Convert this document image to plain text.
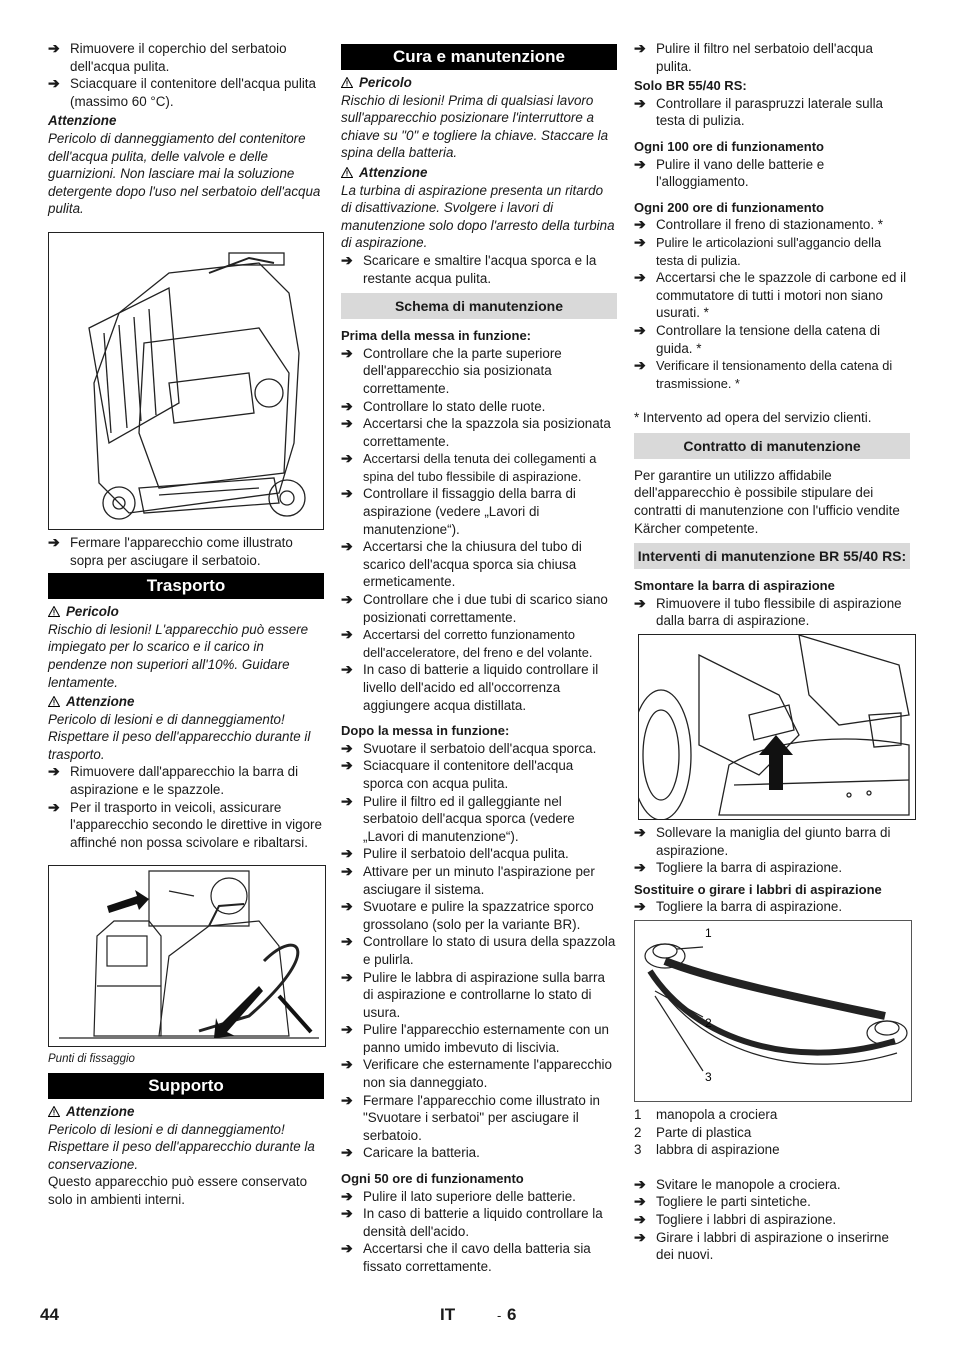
➔ Rimuovere il coperchio del serbatoio dell'acqua pulita.
➔ Sciacquare il contenitore dell'acqua pulita (massimo 60 °C).
Attenzione
Pericolo di danneggiamento del contenitore dell'acqua pulita, delle valvole e delle guarnizioni. Non lasciare mai la soluzione detergente dopo l'uso nel serbatoio dell'acqua pulita.
➔ Fermare l'apparecchio come illustrato sopra per asciugare il serbatoio.
Trasporto
Pericolo
Rischio di lesioni! L'apparecchio può essere impiegato per lo scarico e il carico in pendenze non superiori all'10%. Guidare lentamente.
Attenzione
Pericolo di lesioni e di danneggiamento! Rispettare il peso dell'apparecchio durante il trasporto.
➔ Rimuovere dall'apparecchio la barra di aspirazione e le spazzole.
➔ Per il trasporto in veicoli, assicurare l'apparecchio secondo le direttive in vigore affinché non possa scivolare e ribaltarsi.
Punti di fissaggio
Supporto
Attenzione
Pericolo di lesioni e di danneggiamento! Rispettare il peso dell'apparecchio durante la conservazione.
Questo apparecchio può essere conservato solo in ambienti interni.
Cura e manutenzione
Pericolo
Rischio di lesioni! Prima di qualsiasi lavoro sull'apparecchio posizionare l'interruttore a chiave su "0" e togliere la chiave. Staccare la spina della batteria.
Attenzione
La turbina di aspirazione presenta un ritardo di disattivazione. Svolgere i lavori di manutenzione solo dopo l'arresto della turbina di aspirazione.
➔ Scaricare e smaltire l'acqua sporca e la restante acqua pulita.
Schema di manutenzione
Prima della messa in funzione:
➔ Controllare che la parte superiore dell'apparecchio sia posizionata correttamente.
➔ Controllare lo stato delle ruote.
➔ Accertarsi che la spazzola sia posizionata correttamente.
➔ Accertarsi della tenuta dei collegamenti a spina del tubo flessibile di aspirazione.
➔ Controllare il fissaggio della barra di aspirazione (vedere „Lavori di manutenzione“).
➔ Accertarsi che la chiusura del tubo di scarico dell'acqua sporca sia chiusa ermeticamente.
➔ Controllare che i due tubi di scarico siano posizionati correttamente.
➔ Accertarsi del corretto funzionamento dell'acceleratore, del freno e del volante.
➔ In caso di batterie a liquido controllare il livello dell'acido ed all'occorrenza aggiungere acqua distillata.
Dopo la messa in funzione:
➔ Svuotare il serbatoio dell'acqua sporca.
➔ Sciacquare il contenitore dell'acqua sporca con acqua pulita.
➔ Pulire il filtro ed il galleggiante nel serbatoio dell'acqua sporca (vedere „Lavori di manutenzione“).
➔ Pulire il serbatoio dell'acqua pulita.
➔ Attivare per un minuto l'aspirazione per asciugare il sistema.
➔ Svuotare e pulire la spazzatrice sporco grossolano (solo per la variante BR).
➔ Controllare lo stato di usura della spazzola e pulirla.
➔ Pulire le labbra di aspirazione sulla barra di aspirazione e controllarne lo stato di usura.
➔ Pulire l'apparecchio esternamente con un panno umido imbevuto di liscivia.
➔ Verificare che esternamente l'apparecchio non sia danneggiato.
➔ Fermare l'apparecchio come illustrato in "Svuotare i serbatoi" per asciugare il serbatoio.
➔ Caricare la batteria.
Ogni 50 ore di funzionamento
➔ Pulire il lato superiore delle batterie.
➔ In caso di batterie a liquido controllare la densità dell'acido.
➔ Accertarsi che il cavo della batteria sia fissato correttamente.
➔ Pulire il filtro nel serbatoio dell'acqua pulita.
Solo BR 55/40 RS:
➔ Controllare il paraspruzzi laterale sulla testa di pulizia.
Ogni 100 ore di funzionamento
➔ Pulire il vano delle batterie e l'alloggiamento.
Ogni 200 ore di funzionamento
➔ Controllare il freno di stazionamento. *
➔ Pulire le articolazioni sull'aggancio della testa di pulizia.
➔ Accertarsi che le spazzole di carbone ed il commutatore di tutti i motori non siano usurati. *
➔ Controllare la tensione della catena di guida. *
➔ Verificare il tensionamento della catena di trasmissione. *
* Intervento ad opera del servizio clienti.
Contratto di manutenzione
Per garantire un utilizzo affidabile dell'apparecchio è possibile stipulare dei contratti di manutenzione con l'ufficio vendite Kärcher competente.
Interventi di manutenzione BR 55/40 RS:
Smontare la barra di aspirazione
➔ Rimuovere il tubo flessibile di aspirazione dalla barra di aspirazione.
➔ Sollevare la maniglia del giunto barra di aspirazione.
➔ Togliere la barra di aspirazione.
Sostituire o girare i labbri di aspirazione
➔ Togliere la barra di aspirazione.
1
2
3
1	manopola a crociera
2	Parte di plastica
3	labbra di aspirazione
➔ Svitare le manopole a crociera.
➔ Togliere le parti sintetiche.
➔ Togliere i labbri di aspirazione.
➔ Girare i labbri di aspirazione o inserirne dei nuovi.
44	IT	- 6
